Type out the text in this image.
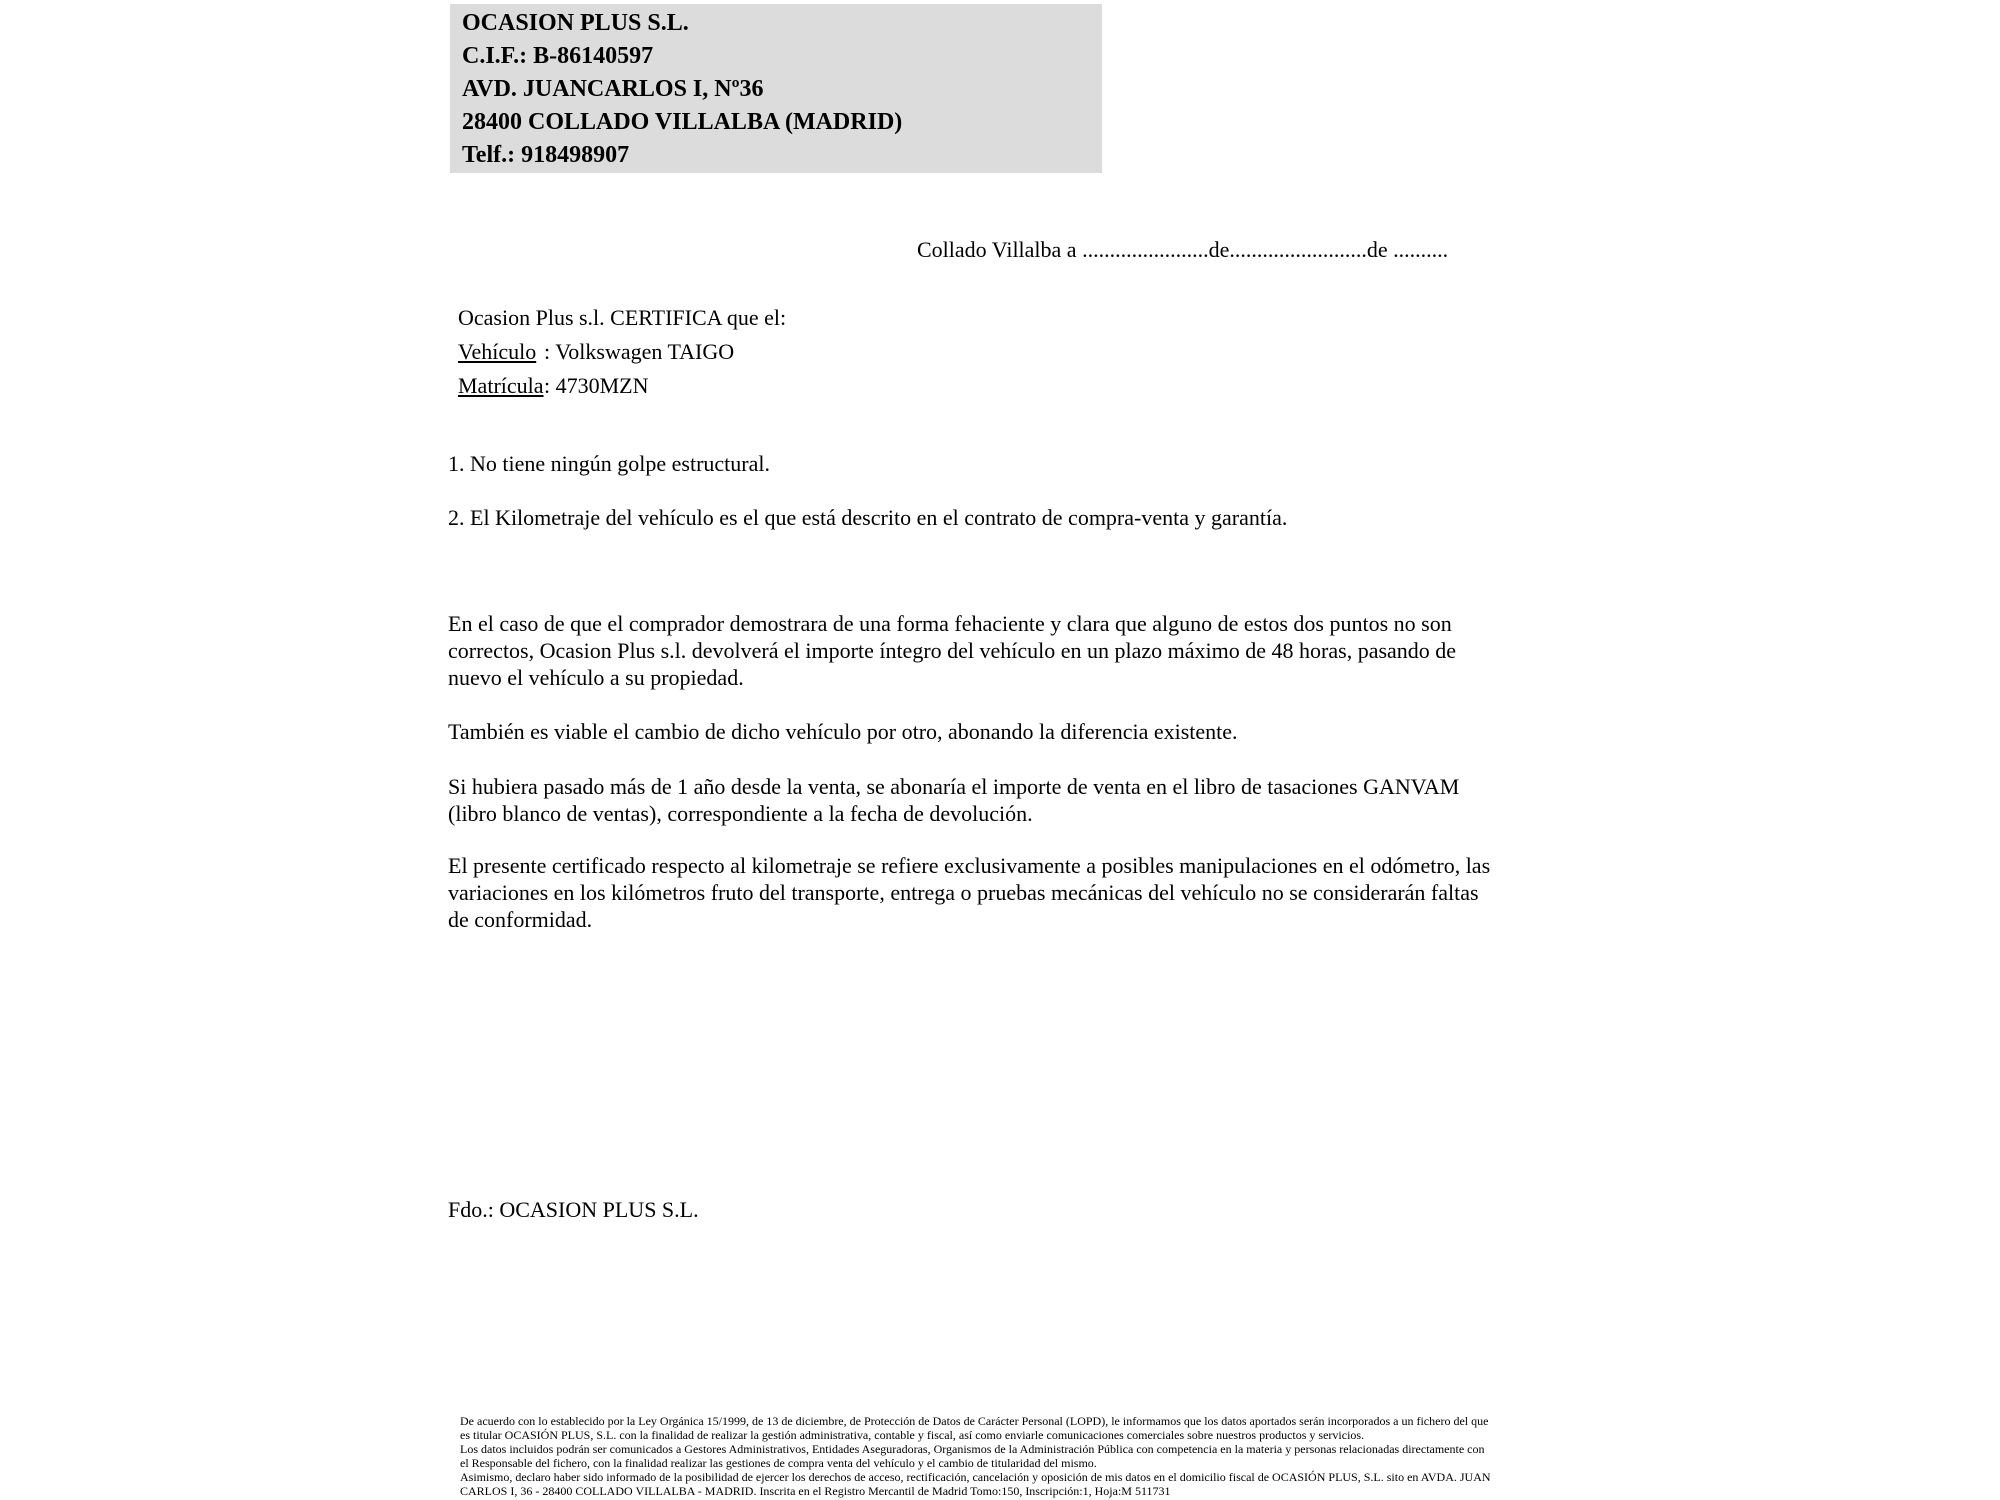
OCASION PLUS S.L.
C.I.F.: B-86140597
AVD. JUANCARLOS I, Nº36
28400 COLLADO VILLALBA (MADRID)
Telf.: 918498907
Collado Villalba a .......................de.........................de ..........
Ocasion Plus s.l. CERTIFICA que el:
Vehículo : Volkswagen TAIGO
Matrícula : 4730MZN
1. No tiene ningún golpe estructural.
2. El Kilometraje del vehículo es el que está descrito en el contrato de compra-venta y garantía.
En el caso de que el comprador demostrara de una forma fehaciente y clara que alguno de estos dos puntos no son correctos, Ocasion Plus s.l. devolverá el importe íntegro del vehículo en un plazo máximo de 48 horas, pasando de nuevo el vehículo a su propiedad.
También es viable el cambio de dicho vehículo por otro, abonando la diferencia existente.
Si hubiera pasado más de 1 año desde la venta, se abonaría el importe de venta en el libro de tasaciones GANVAM (libro blanco de ventas), correspondiente a la fecha de devolución.
El presente certificado respecto al kilometraje se refiere exclusivamente a posibles manipulaciones en el odómetro, las variaciones en los kilómetros fruto del transporte, entrega o pruebas mecánicas del vehículo no se considerarán faltas de conformidad.
Fdo.: OCASION PLUS S.L.

De acuerdo con lo establecido por la Ley Orgánica 15/1999, de 13 de diciembre, de Protección de Datos de Carácter Personal (LOPD), le informamos que los datos aportados serán incorporados a un fichero del que es titular OCASIÓN PLUS, S.L. con la finalidad de realizar la gestión administrativa, contable y fiscal, así como enviarle comunicaciones comerciales sobre nuestros productos y servicios.

Los datos incluidos podrán ser comunicados a Gestores Administrativos, Entidades Aseguradoras, Organismos de la Administración Pública con competencia en la materia y personas relacionadas directamente con el Responsable del fichero, con la finalidad realizar las gestiones de compra venta del vehículo y el cambio de titularidad del mismo.

Asimismo, declaro haber sido informado de la posibilidad de ejercer los derechos de acceso, rectificación, cancelación y oposición de mis datos en el domicilio fiscal de OCASIÓN PLUS, S.L. sito en AVDA. JUAN CARLOS I, 36 - 28400 COLLADO VILLALBA - MADRID. Inscrita en el Registro Mercantil de Madrid Tomo:150, Inscripción:1, Hoja:M 511731
